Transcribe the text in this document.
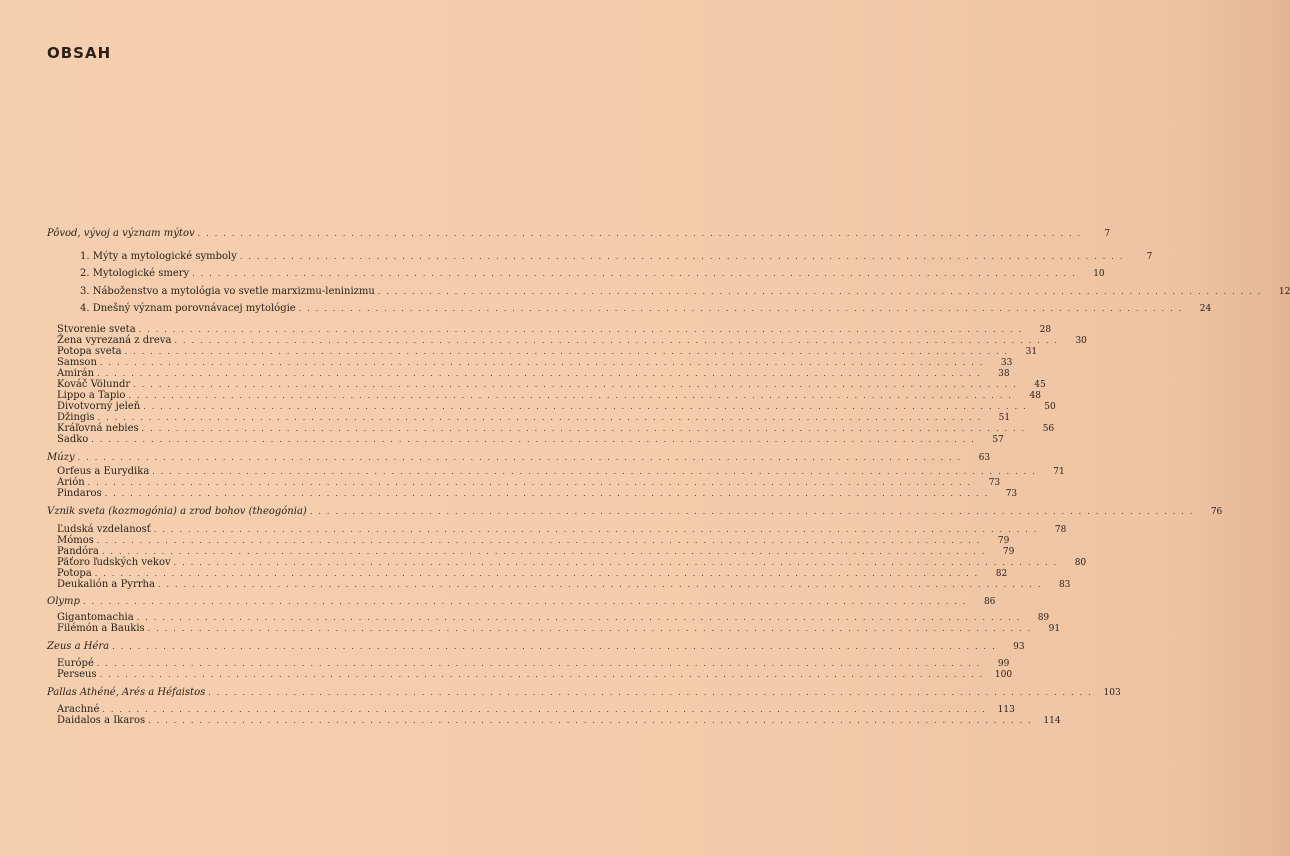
OBSAH
Pôvod, vývoj a význam mýtov ........................................................................................................	7
1. Mýty a mytologické symboly ........................................................................................................	7
2. Mytologické smery ........................................................................................................	10
3. Náboženstvo a mytológia vo svetle marxizmu-leninizmu ........................................................................................................	12
4. Dnešný význam porovnávacej mytológie ........................................................................................................	24
Stvorenie sveta ........................................................................................................	28
Žena vyrezaná z dreva ........................................................................................................	30
Potopa sveta ........................................................................................................	31
Samson ........................................................................................................	33
Amirán ........................................................................................................	38
Kováč Völundr ........................................................................................................	45
Lippo a Tapio ........................................................................................................	48
Divotvorný jeleň ........................................................................................................	50
Džingis ........................................................................................................	51
Kráľovná nebies ........................................................................................................	56
Sadko ........................................................................................................	57
Múzy ........................................................................................................	63
Orfeus a Eurydika ........................................................................................................	71
Arión ........................................................................................................	73
Pindaros ........................................................................................................	73
Vznik sveta (kozmogónia) a zrod bohov (theogónia) ........................................................................................................	76
Ľudská vzdelanosť ........................................................................................................	78
Mómos ........................................................................................................	79
Pandóra ........................................................................................................	79
Päťoro ľudských vekov ........................................................................................................	80
Potopa ........................................................................................................	82
Deukalión a Pyrrha ........................................................................................................	83
Olymp ........................................................................................................	86
Gigantomachia ........................................................................................................	89
Filémón a Baukis ........................................................................................................	91
Zeus a Héra ........................................................................................................	93
Európé ........................................................................................................	99
Perseus ........................................................................................................ 100
Pallas Athéné, Arés a Héfaistos ........................................................................................................ 103
Arachné ........................................................................................................ 113
Daidalos a Ikaros ........................................................................................................ 114
